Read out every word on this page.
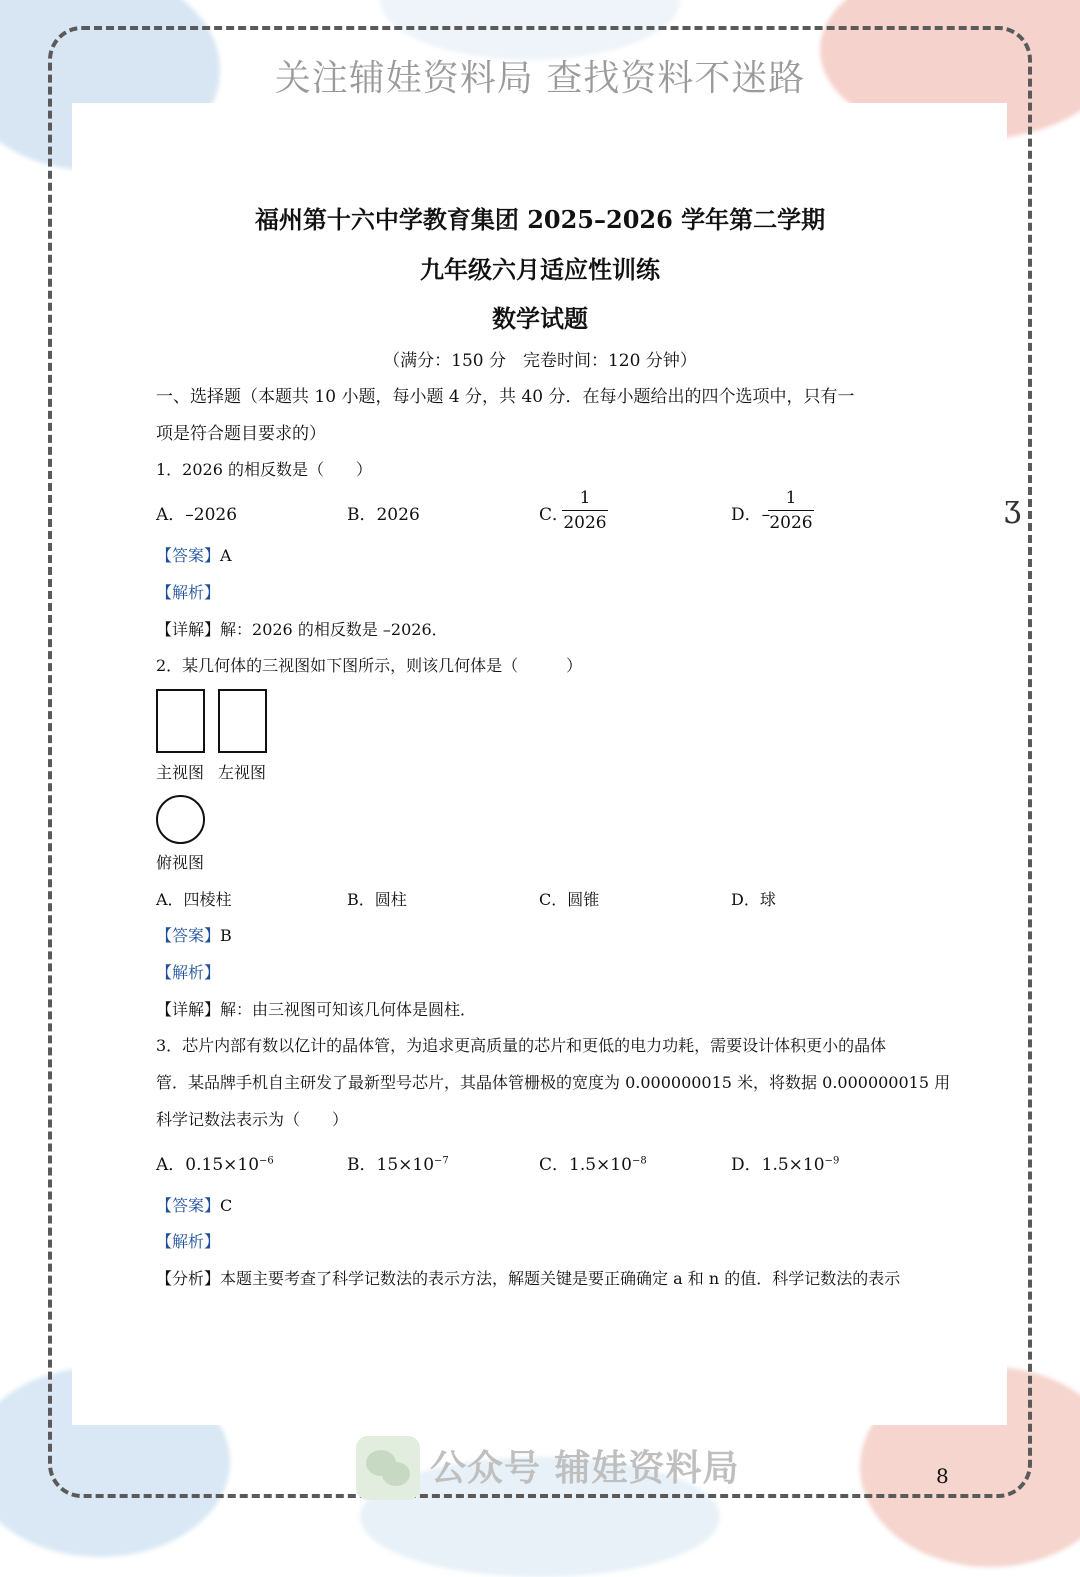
关注辅娃资料局 查找资料不迷路
ʒ
福州第十六中学教育集团 2025–2026 学年第二学期
九年级六月适应性训练
数学试题
（满分：150 分　完卷时间：120 分钟）
一、选择题（本题共 10 小题，每小题 4 分，共 40 分．在每小题给出的四个选项中，只有一
项是符合题目要求的）
1．2026 的相反数是（　　）
A．–2026	B．2026	C．
$\frac{1}{2026}$	D．–
$\frac{1}{2026}$
【答案】A
【解析】
【详解】解：2026 的相反数是 –2026．
2．某几何体的三视图如下图所示，则该几何体是（　　　）
主视图 左视图
俯视图
A．四棱柱	B．圆柱	C．圆锥	D．球
【答案】B
【解析】
【详解】解：由三视图可知该几何体是圆柱．
3．芯片内部有数以亿计的晶体管，为追求更高质量的芯片和更低的电力功耗，需要设计体积更小的晶体
管．某品牌手机自主研发了最新型号芯片，其晶体管栅极的宽度为 0.000000015 米，将数据 0.000000015 用
科学记数法表示为（　　）
A．$0.15\times 10^{-6}$	B．$15\times 10^{-7}$	C．$1.5\times 10^{-8}$	D．$1.5\times 10^{-9}$
【答案】C
【解析】
【分析】本题主要考查了科学记数法的表示方法，解题关键是要正确确定 a 和 n 的值．科学记数法的表示
公众号 辅娃资料局	8
